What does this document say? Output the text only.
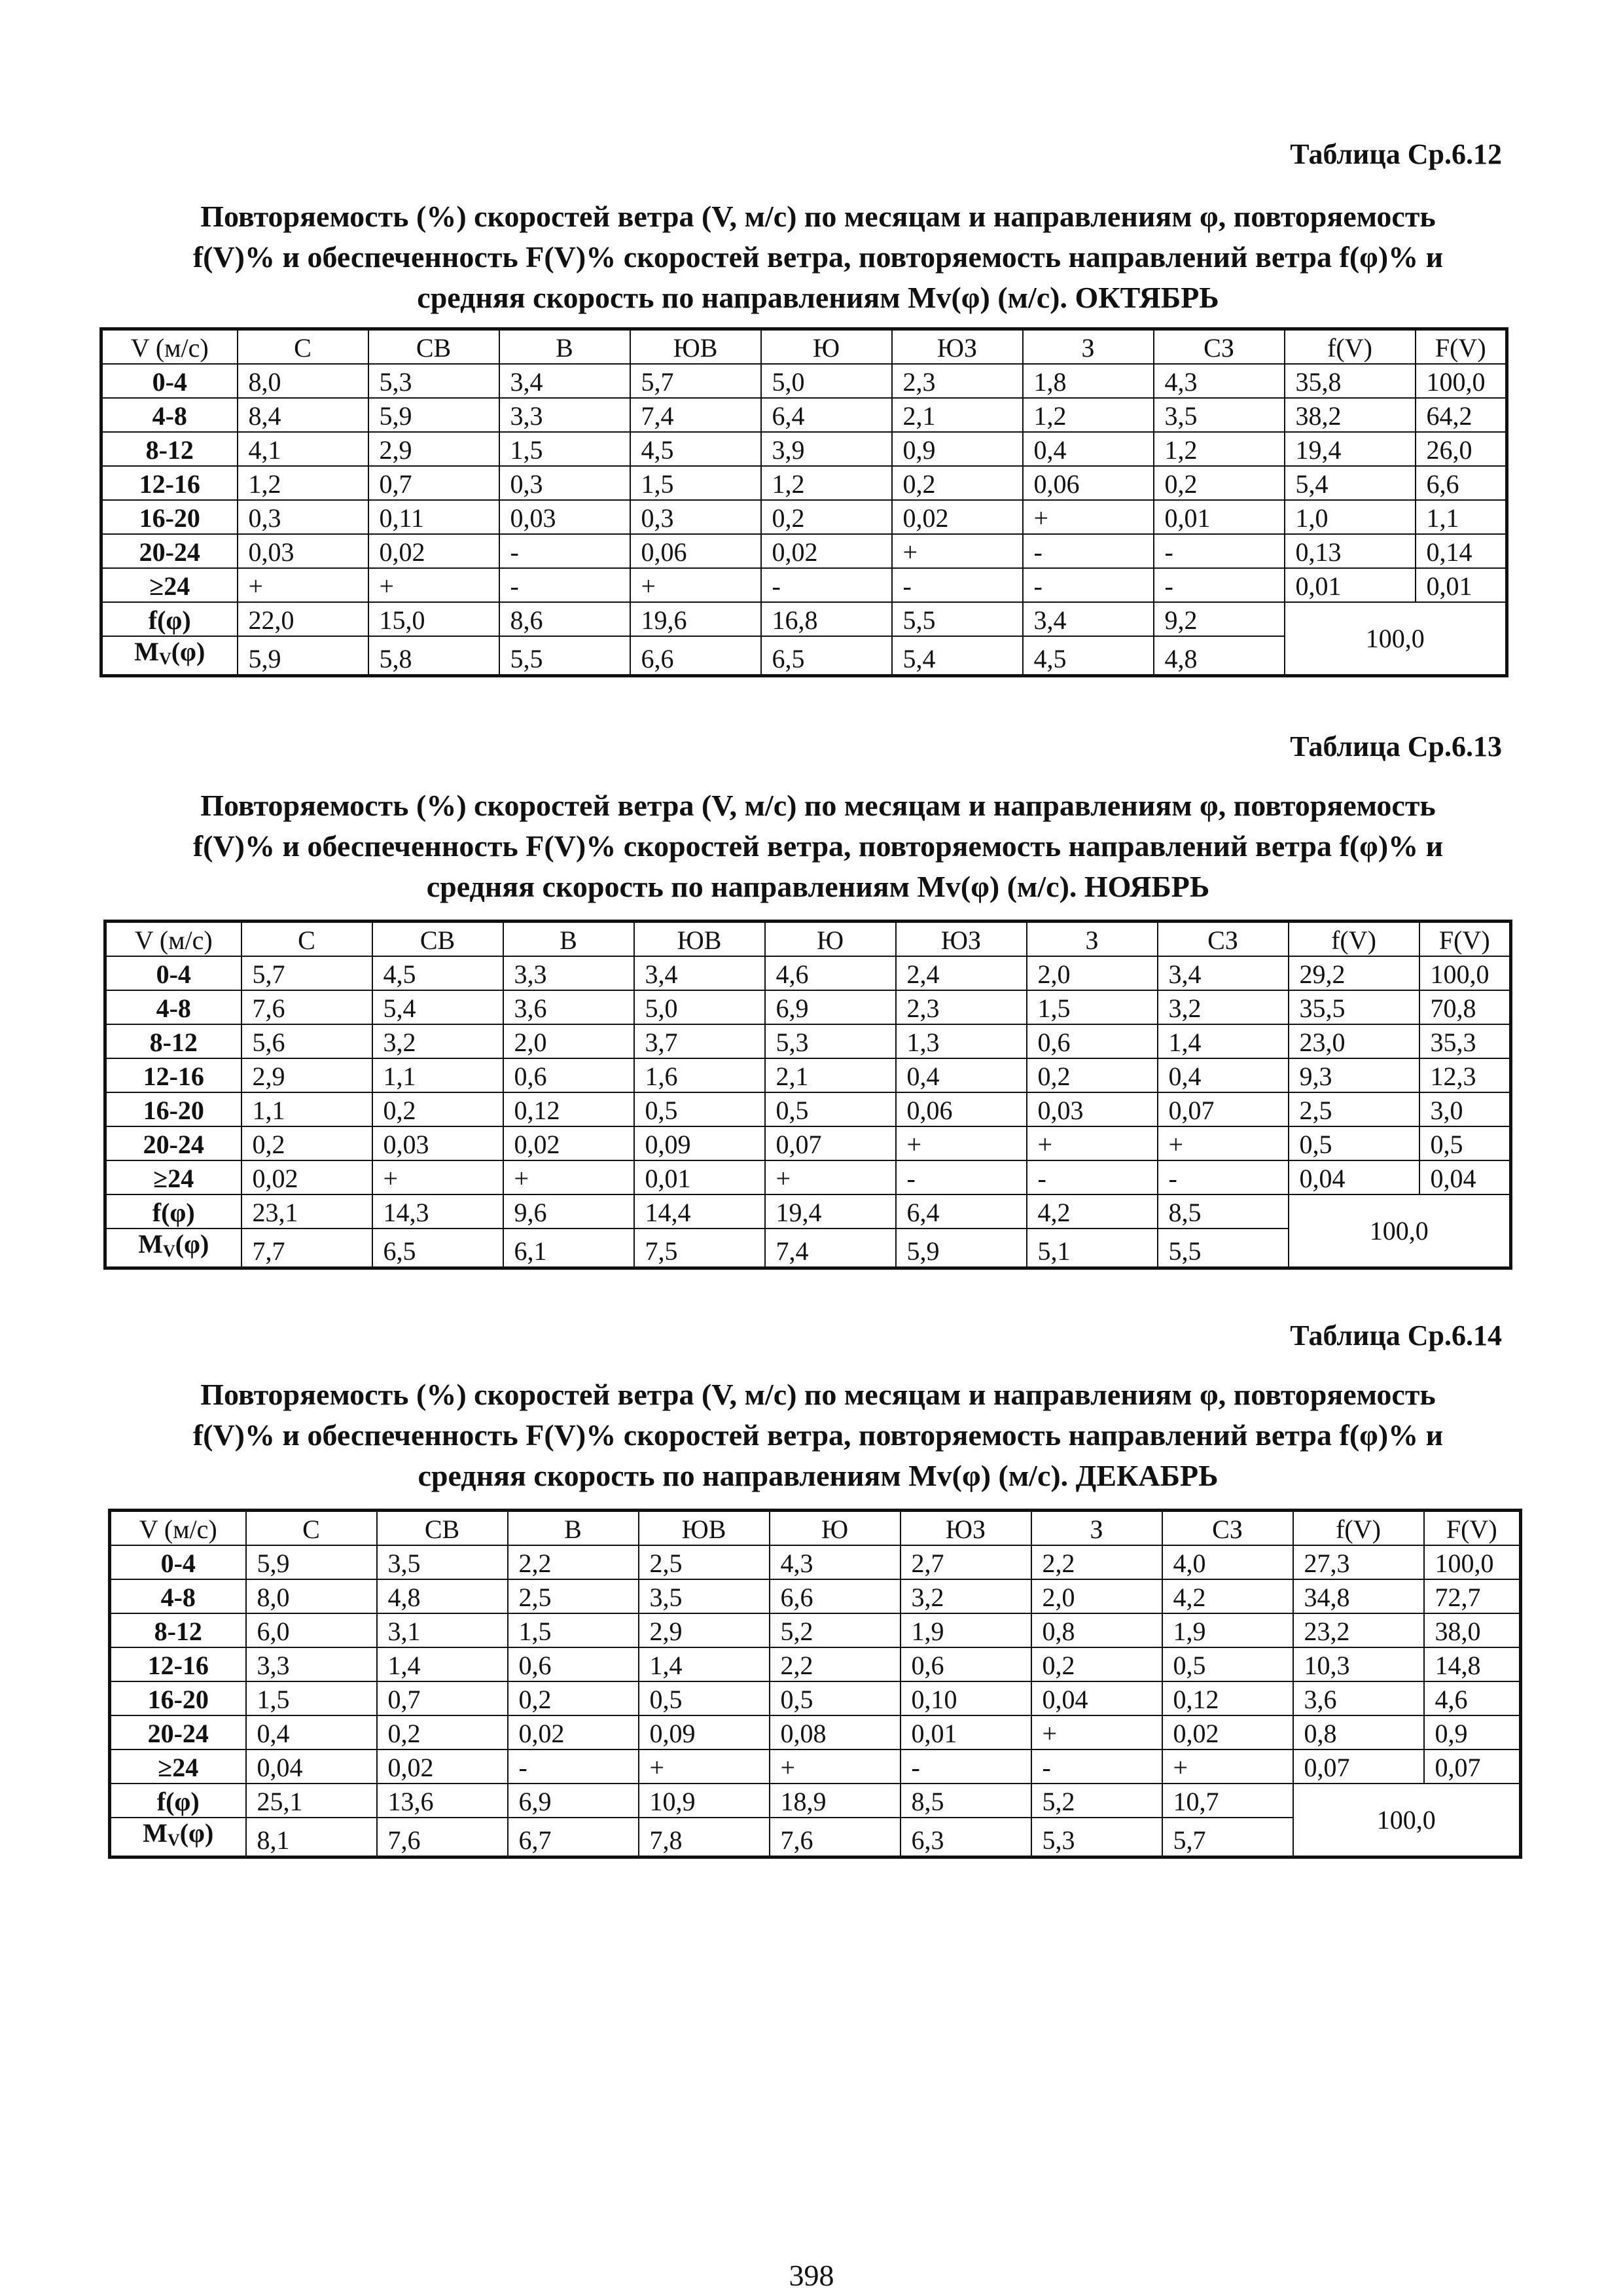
Таблица Ср.6.12
Повторяемость (%) скоростей ветра (V, м/с) по месяцам и направлениям φ, повторяемость
f(V)% и обеспеченность F(V)% скоростей ветра, повторяемость направлений ветра f(φ)% и
средняя скорость по направлениям Mv(φ) (м/с). ОКТЯБРЬ
V (м/с)	С	СВ	В	ЮВ	Ю	ЮЗ	З	СЗ	f(V)	F(V)
0-4	8,0	5,3	3,4	5,7	5,0	2,3	1,8	4,3	35,8	100,0
4-8	8,4	5,9	3,3	7,4	6,4	2,1	1,2	3,5	38,2	64,2
8-12	4,1	2,9	1,5	4,5	3,9	0,9	0,4	1,2	19,4	26,0
12-16	1,2	0,7	0,3	1,5	1,2	0,2	0,06	0,2	5,4	6,6
16-20	0,3	0,11	0,03	0,3	0,2	0,02	+	0,01	1,0	1,1
20-24	0,03	0,02	-	0,06	0,02	+	-	-	0,13	0,14
≥24	+	+	-	+	-	-	-	-	0,01	0,01
f(φ)	22,0	15,0	8,6	19,6	16,8	5,5	3,4	9,2	100,0	
$M_V(\varphi)$	5,9	5,8	5,5	6,6	6,5	5,4	4,5	4,8		
Таблица Ср.6.13
Повторяемость (%) скоростей ветра (V, м/с) по месяцам и направлениям φ, повторяемость
f(V)% и обеспеченность F(V)% скоростей ветра, повторяемость направлений ветра f(φ)% и
средняя скорость по направлениям Mv(φ) (м/с). НОЯБРЬ
V (м/с)	С	СВ	В	ЮВ	Ю	ЮЗ	З	СЗ	f(V)	F(V)
0-4	5,7	4,5	3,3	3,4	4,6	2,4	2,0	3,4	29,2	100,0
4-8	7,6	5,4	3,6	5,0	6,9	2,3	1,5	3,2	35,5	70,8
8-12	5,6	3,2	2,0	3,7	5,3	1,3	0,6	1,4	23,0	35,3
12-16	2,9	1,1	0,6	1,6	2,1	0,4	0,2	0,4	9,3	12,3
16-20	1,1	0,2	0,12	0,5	0,5	0,06	0,03	0,07	2,5	3,0
20-24	0,2	0,03	0,02	0,09	0,07	+	+	+	0,5	0,5
≥24	0,02	+	+	0,01	+	-	-	-	0,04	0,04
f(φ)	23,1	14,3	9,6	14,4	19,4	6,4	4,2	8,5	100,0	
$M_V(\varphi)$	7,7	6,5	6,1	7,5	7,4	5,9	5,1	5,5		
Таблица Ср.6.14
Повторяемость (%) скоростей ветра (V, м/с) по месяцам и направлениям φ, повторяемость
f(V)% и обеспеченность F(V)% скоростей ветра, повторяемость направлений ветра f(φ)% и
средняя скорость по направлениям Mv(φ) (м/с). ДЕКАБРЬ
V (м/с)	С	СВ	В	ЮВ	Ю	ЮЗ	З	СЗ	f(V)	F(V)
0-4	5,9	3,5	2,2	2,5	4,3	2,7	2,2	4,0	27,3	100,0
4-8	8,0	4,8	2,5	3,5	6,6	3,2	2,0	4,2	34,8	72,7
8-12	6,0	3,1	1,5	2,9	5,2	1,9	0,8	1,9	23,2	38,0
12-16	3,3	1,4	0,6	1,4	2,2	0,6	0,2	0,5	10,3	14,8
16-20	1,5	0,7	0,2	0,5	0,5	0,10	0,04	0,12	3,6	4,6
20-24	0,4	0,2	0,02	0,09	0,08	0,01	+	0,02	0,8	0,9
≥24	0,04	0,02	-	+	+	-	-	+	0,07	0,07
f(φ)	25,1	13,6	6,9	10,9	18,9	8,5	5,2	10,7	100,0	
$M_V(\varphi)$	8,1	7,6	6,7	7,8	7,6	6,3	5,3	5,7		
398
